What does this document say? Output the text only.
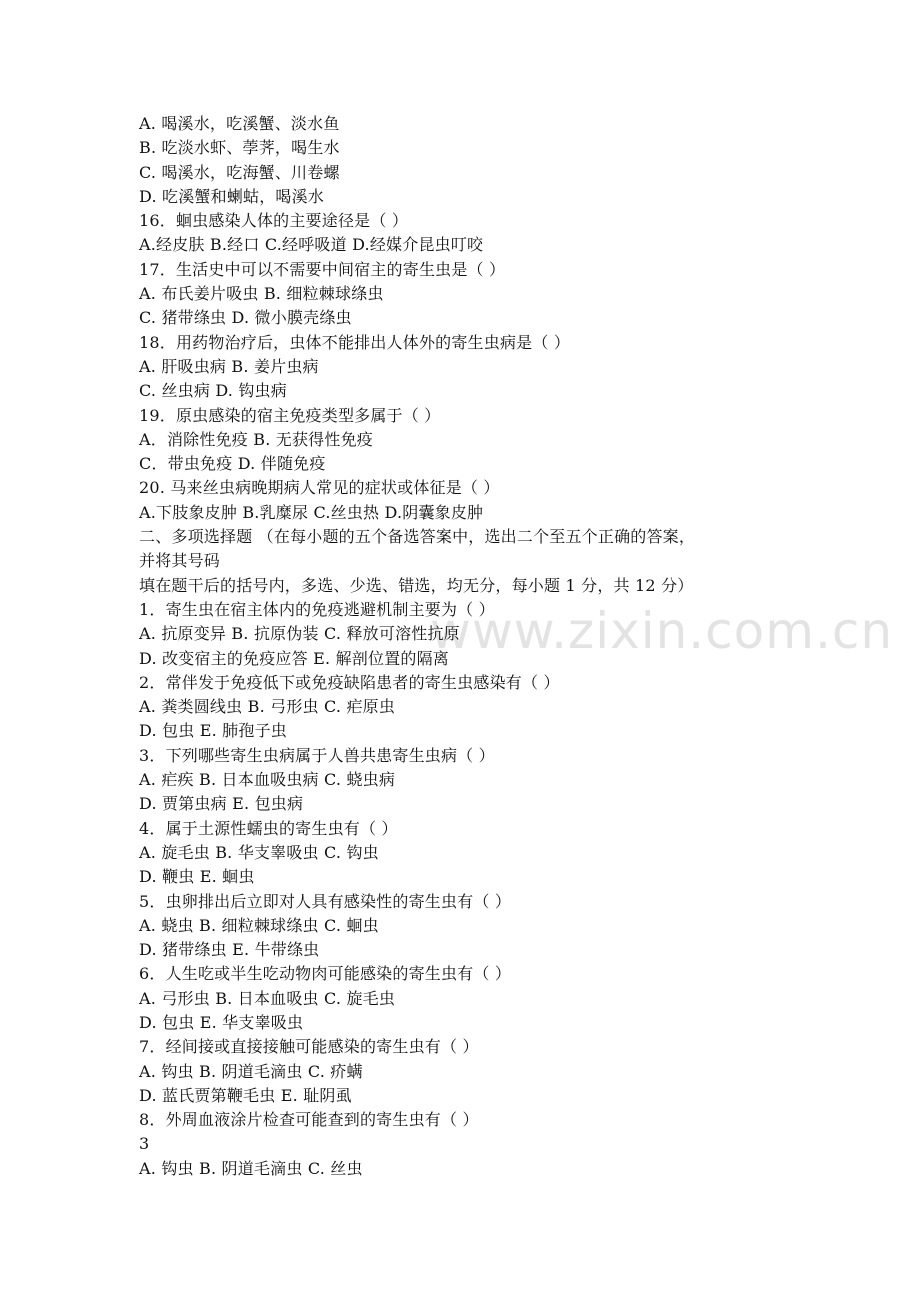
www.zixin.com.cn
A. 喝溪水，吃溪蟹、淡水鱼
B. 吃淡水虾、荸荠，喝生水
C. 喝溪水，吃海蟹、川卷螺
D. 吃溪蟹和蝲蛄，喝溪水
16．蛔虫感染人体的主要途径是（ ）
A.经皮肤 B.经口 C.经呼吸道 D.经媒介昆虫叮咬
17．生活史中可以不需要中间宿主的寄生虫是（ ）
A. 布氏姜片吸虫 B. 细粒棘球绦虫
C. 猪带绦虫 D. 微小膜壳绦虫
18．用药物治疗后，虫体不能排出人体外的寄生虫病是（ ）
A. 肝吸虫病 B. 姜片虫病
C. 丝虫病 D. 钩虫病
19．原虫感染的宿主免疫类型多属于（ ）
A．消除性免疫 B. 无获得性免疫
C．带虫免疫 D. 伴随免疫
20. 马来丝虫病晚期病人常见的症状或体征是（ ）
A.下肢象皮肿 B.乳糜尿 C.丝虫热 D.阴囊象皮肿
二、多项选择题 （在每小题的五个备选答案中，选出二个至五个正确的答案，
并将其号码
填在题干后的括号内，多选、少选、错选，均无分，每小题 1 分，共 12 分）
1．寄生虫在宿主体内的免疫逃避机制主要为（ ）
A. 抗原变异 B. 抗原伪装 C. 释放可溶性抗原
D. 改变宿主的免疫应答 E. 解剖位置的隔离
2．常伴发于免疫低下或免疫缺陷患者的寄生虫感染有（ ）
A. 粪类圆线虫 B. 弓形虫 C. 疟原虫
D. 包虫 E. 肺孢子虫
3．下列哪些寄生虫病属于人兽共患寄生虫病（ ）
A. 疟疾 B. 日本血吸虫病 C. 蛲虫病
D. 贾第虫病 E. 包虫病
4．属于土源性蠕虫的寄生虫有（ ）
A. 旋毛虫 B. 华支睾吸虫 C. 钩虫
D. 鞭虫 E. 蛔虫
5．虫卵排出后立即对人具有感染性的寄生虫有（ ）
A. 蛲虫 B. 细粒棘球绦虫 C. 蛔虫
D. 猪带绦虫 E. 牛带绦虫
6．人生吃或半生吃动物肉可能感染的寄生虫有（ ）
A. 弓形虫 B. 日本血吸虫 C. 旋毛虫
D. 包虫 E. 华支睾吸虫
7．经间接或直接接触可能感染的寄生虫有（ ）
A. 钩虫 B. 阴道毛滴虫 C. 疥螨
D. 蓝氏贾第鞭毛虫 E. 耻阴虱
8．外周血液涂片检查可能查到的寄生虫有（ ）
3
A. 钩虫 B. 阴道毛滴虫 C. 丝虫
